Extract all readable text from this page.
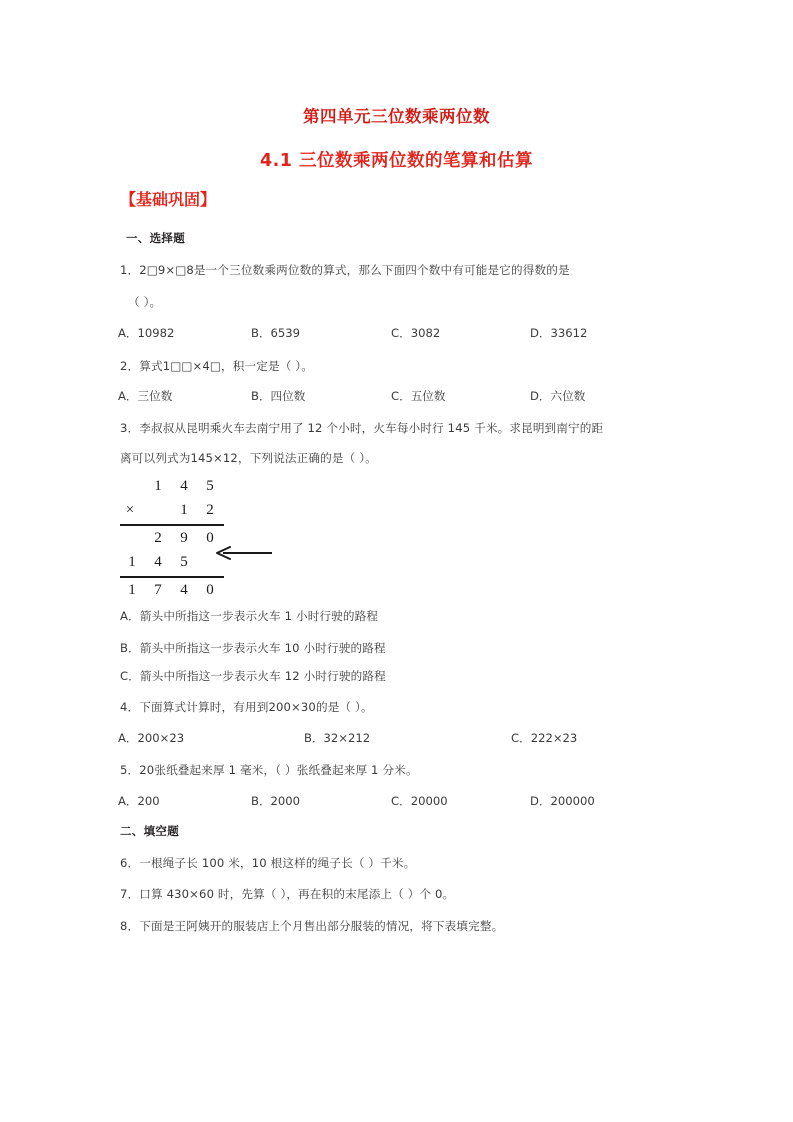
第四单元三位数乘两位数
4.1 三位数乘两位数的笔算和估算
【基础巩固】
一、选择题
1．2□9×□8是一个三位数乘两位数的算式，那么下面四个数中有可能是它的得数的是
（ ）。
A．10982	B．6539	C．3082	D．33612
2．算式1□□×4□，积一定是（ ）。
A．三位数	B．四位数	C．五位数	D．六位数
3．李叔叔从昆明乘火车去南宁用了 12 个小时，火车每小时行 145 千米。求昆明到南宁的距
离可以列式为145×12，下列说法正确的是（ ）。
1 4 5
×	1 2
2 9 0
1 4 5
1 7 4 0
A．箭头中所指这一步表示火车 1 小时行驶的路程
B．箭头中所指这一步表示火车 10 小时行驶的路程
C．箭头中所指这一步表示火车 12 小时行驶的路程
4．下面算式计算时，有用到200×30的是（ ）。
A．200×23	B．32×212	C．222×23
5．20张纸叠起来厚 1 毫米，（ ）张纸叠起来厚 1 分米。
A．200	B．2000	C．20000	D．200000
二、填空题
6．一根绳子长 100 米，10 根这样的绳子长（ ）千米。
7．口算 430×60 时，先算（ ），再在积的末尾添上（ ）个 0。
8．下面是王阿姨开的服装店上个月售出部分服装的情况，将下表填完整。
